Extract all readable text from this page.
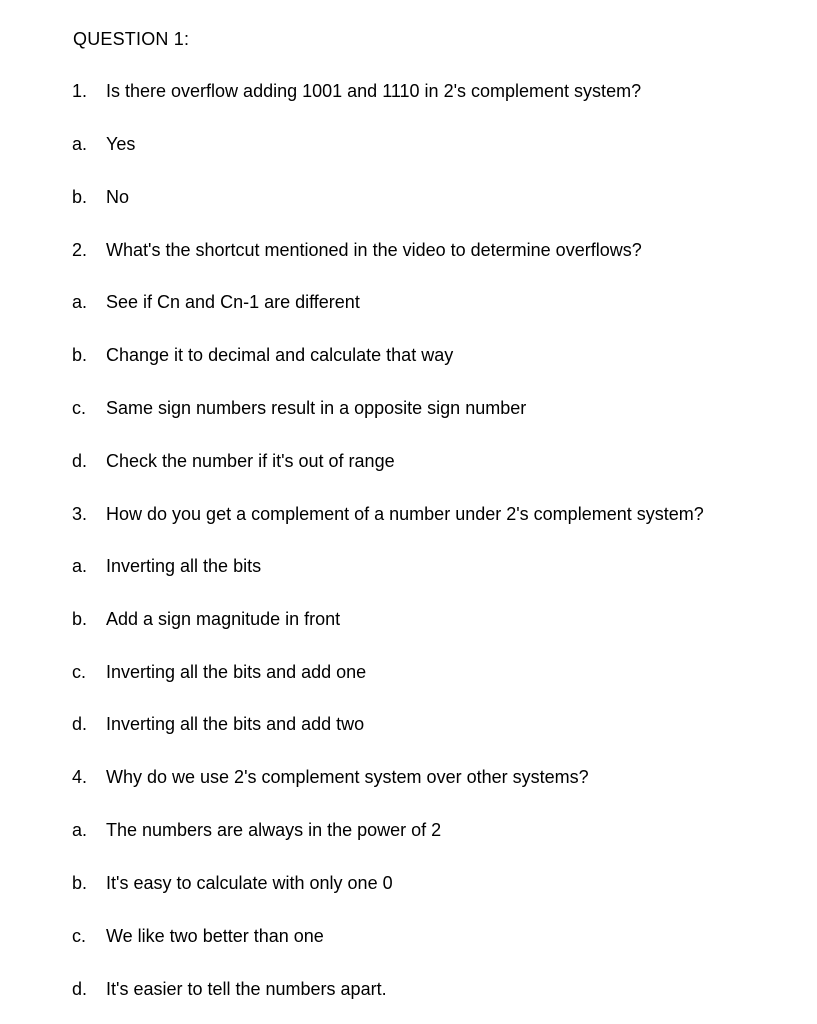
QUESTION 1:
1. Is there overflow adding 1001 and 1110 in 2's complement system?
a. Yes
b. No
2. What's the shortcut mentioned in the video to determine overflows?
a. See if Cn and Cn-1 are different
b. Change it to decimal and calculate that way
c. Same sign numbers result in a opposite sign number
d. Check the number if it's out of range
3. How do you get a complement of a number under 2's complement system?
a. Inverting all the bits
b. Add a sign magnitude in front
c. Inverting all the bits and add one
d. Inverting all the bits and add two
4. Why do we use 2's complement system over other systems?
a. The numbers are always in the power of 2
b. It's easy to calculate with only one 0
c. We like two better than one
d. It's easier to tell the numbers apart.
